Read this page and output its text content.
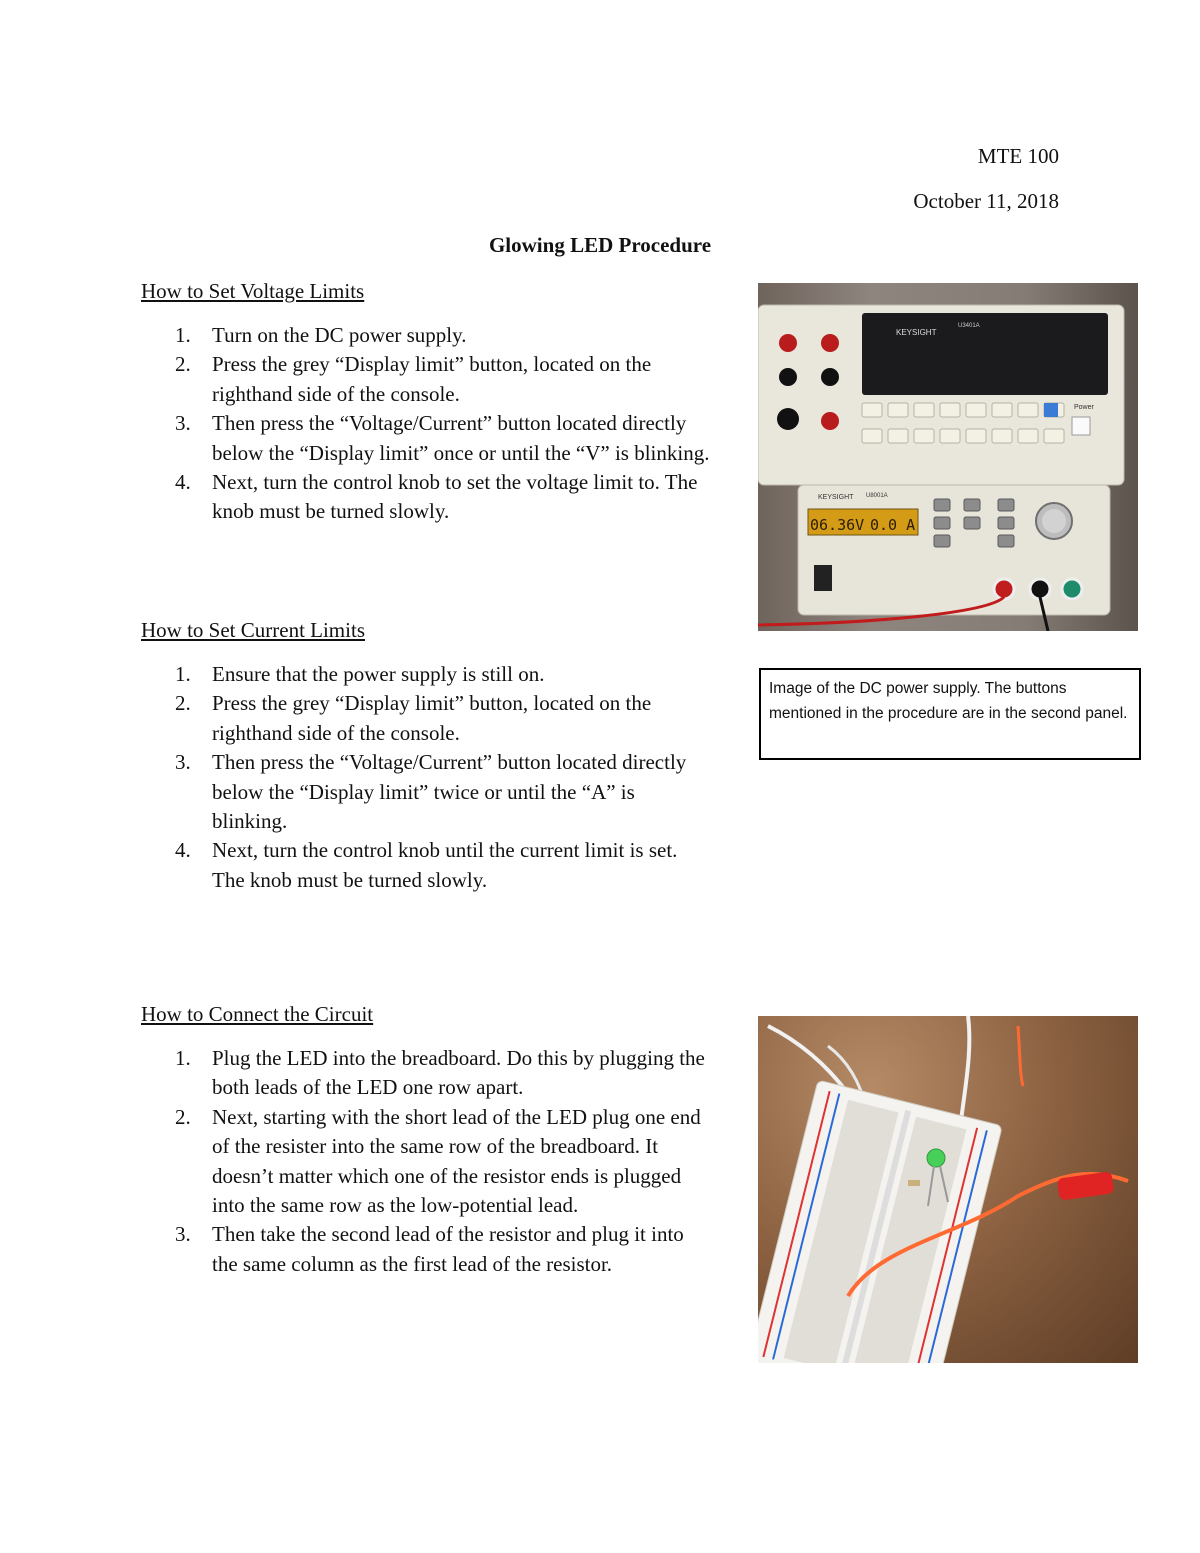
MTE 100
October 11, 2018
Glowing LED Procedure
How to Set Voltage Limits
1. Turn on the DC power supply.
2. Press the grey “Display limit” button, located on the righthand side of the console.
3. Then press the “Voltage/Current” button located directly below the “Display limit” once or until the “V” is blinking.
4. Next, turn the control knob to set the voltage limit to. The knob must be turned slowly.
How to Set Current Limits
1. Ensure that the power supply is still on.
2. Press the grey “Display limit” button, located on the righthand side of the console.
3. Then press the “Voltage/Current” button located directly below the “Display limit” twice or until the “A” is blinking.
4. Next, turn the control knob until the current limit is set. The knob must be turned slowly.
How to Connect the Circuit
1. Plug the LED into the breadboard. Do this by plugging the both leads of the LED one row apart.
2. Next, starting with the short lead of the LED plug one end of the resister into the same row of the breadboard. It doesn’t matter which one of the resistor ends is plugged into the same row as the low-potential lead.
3. Then take the second lead of the resistor and plug it into the same column as the first lead of the resistor.
KEYSIGHT
U3401A
Power
KEYSIGHT U8001A
06.36V 0.0 A
Image of the DC power supply. The buttons mentioned in the procedure are in the second panel.
